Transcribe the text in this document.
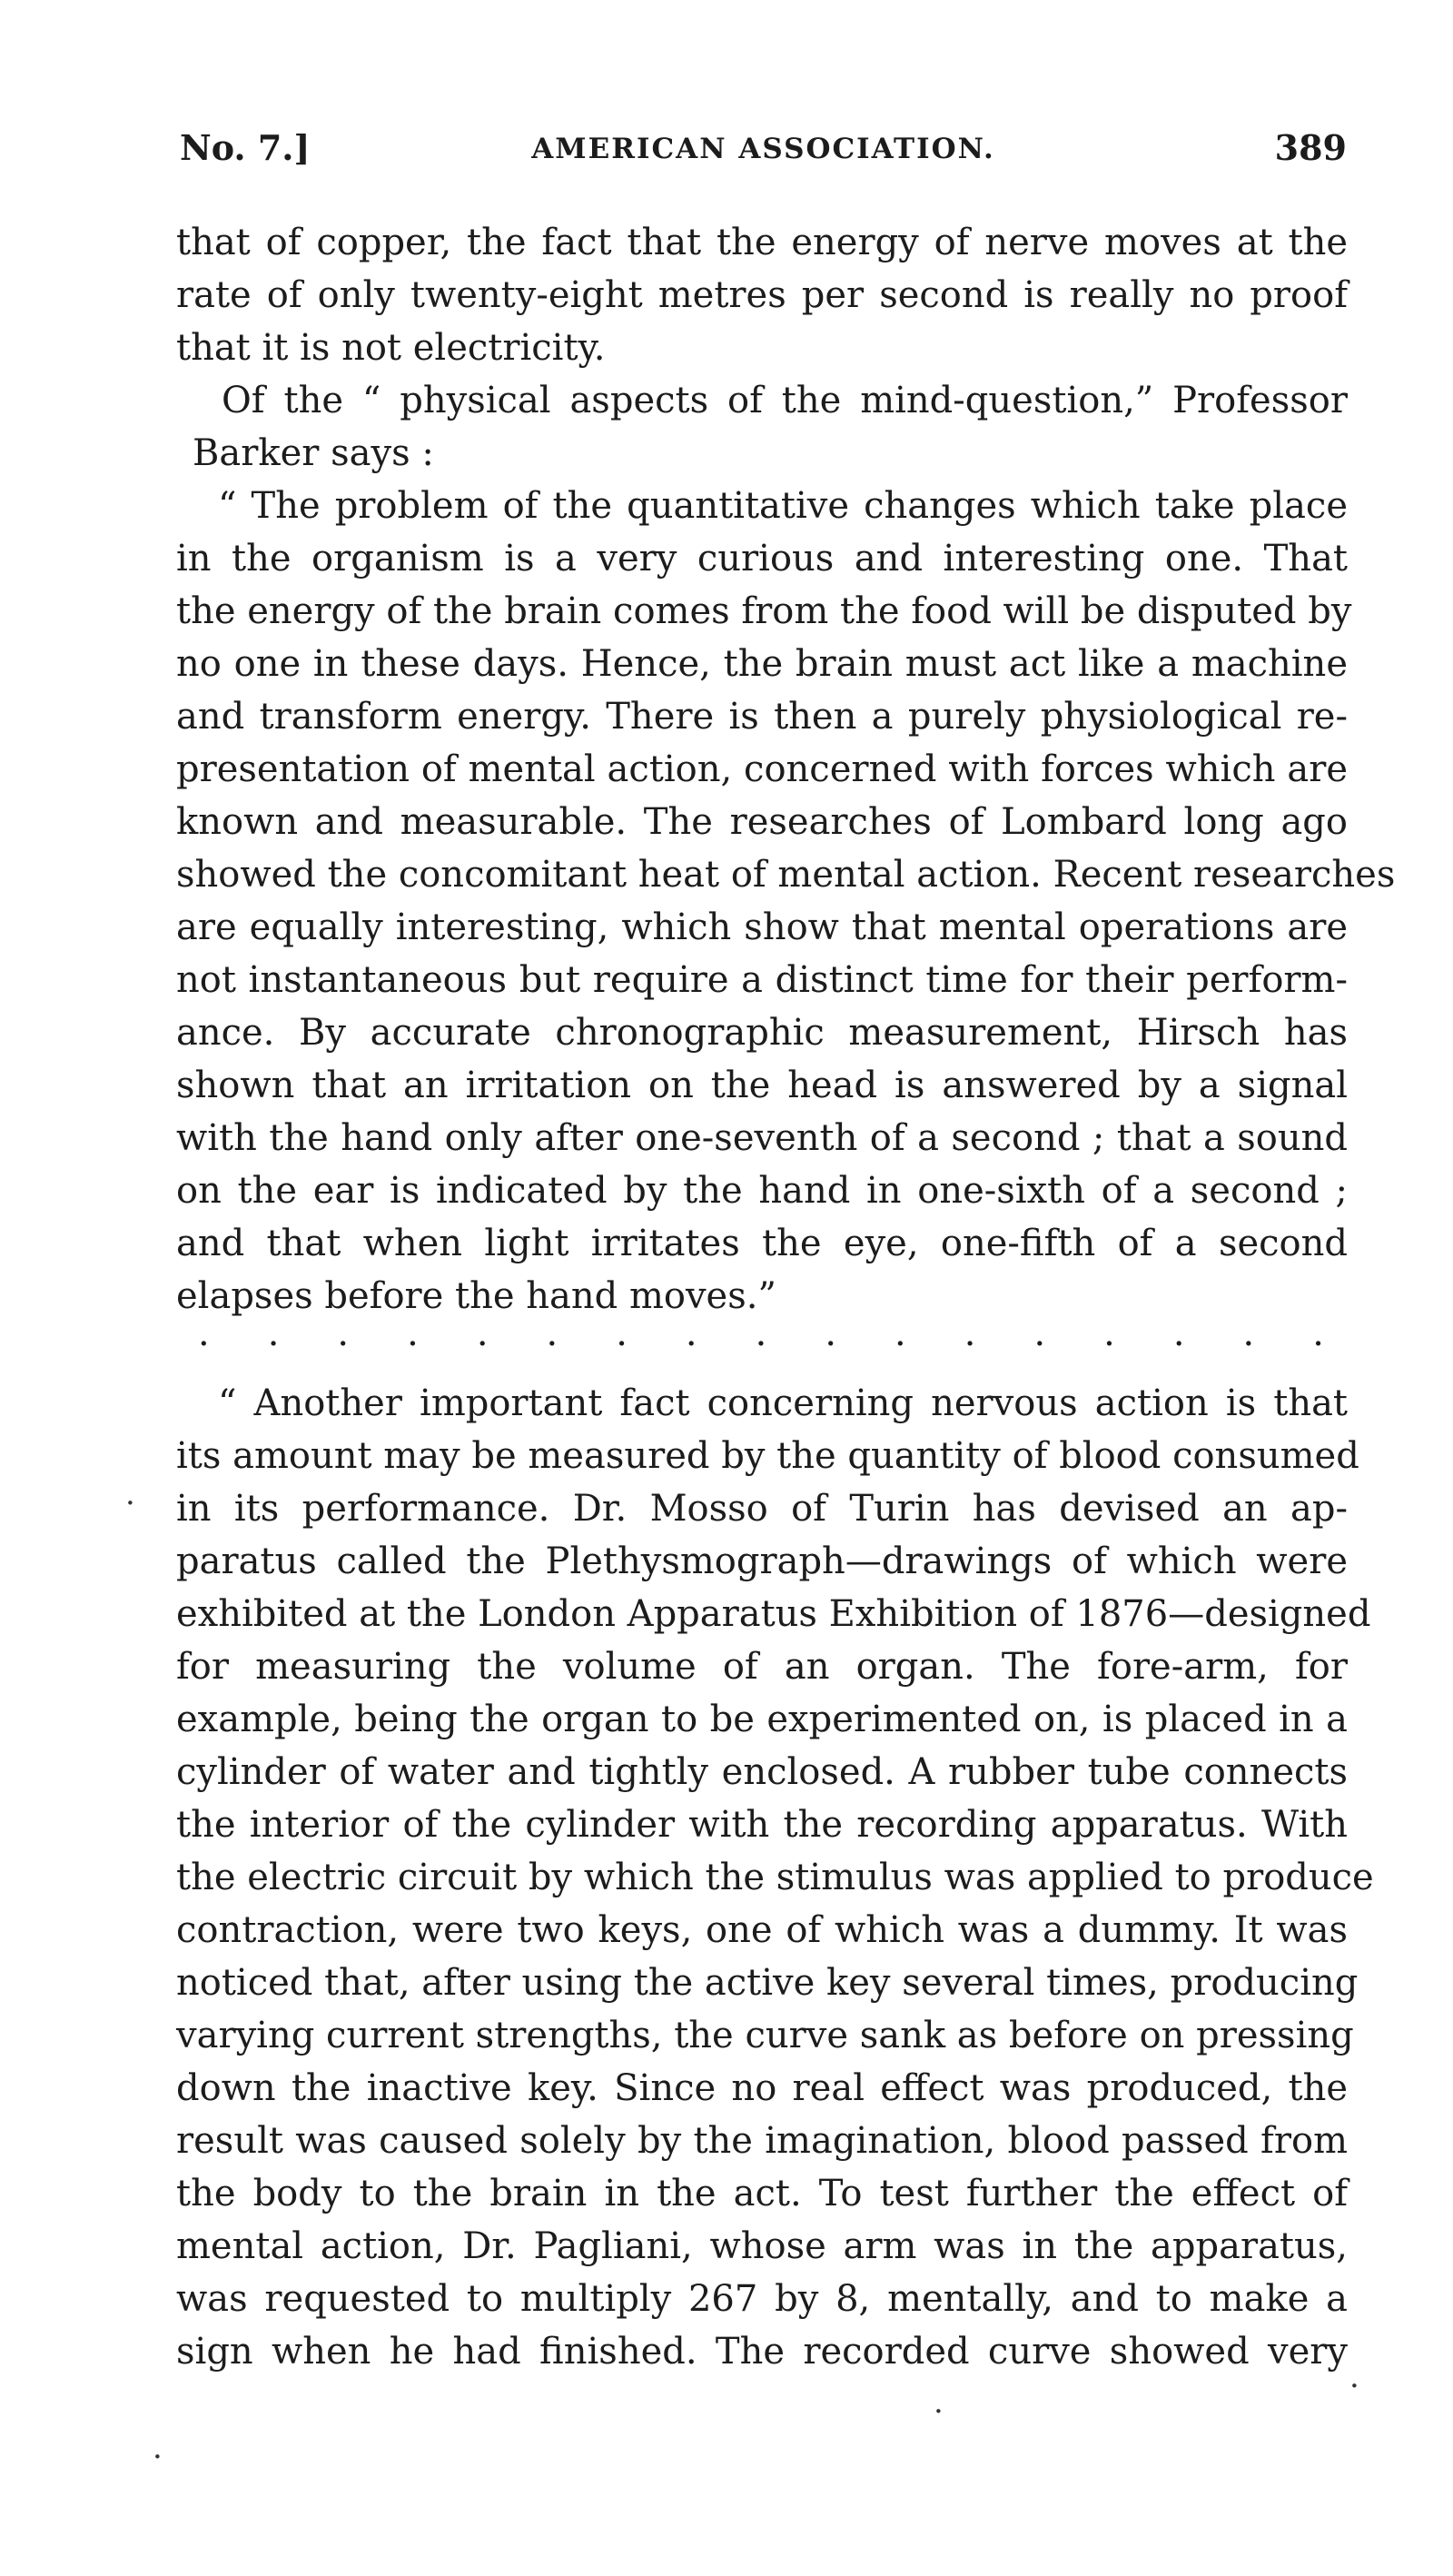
No. 7.]	AMERICAN ASSOCIATION.	389
that of copper, the fact that the energy of nerve moves at the
rate of only twenty-eight metres per second is really no proof
that it is not electricity.
Of the “ physical aspects of the mind-question,” Professor
Barker says :
“ The problem of the quantitative changes which take place
in the organism is a very curious and interesting one. That
the energy of the brain comes from the food will be disputed by
no one in these days. Hence, the brain must act like a machine
and transform energy. There is then a purely physiological re-
presentation of mental action, concerned with forces which are
known and measurable. The researches of Lombard long ago
showed the concomitant heat of mental action. Recent researches
are equally interesting, which show that mental operations are
not instantaneous but require a distinct time for their perform-
ance. By accurate chronographic measurement, Hirsch has
shown that an irritation on the head is answered by a signal
with the hand only after one-seventh of a second ; that a sound
on the ear is indicated by the hand in one-sixth of a second ;
and that when light irritates the eye, one-fifth of a second
elapses before the hand moves.”
· · · · · · · · · · · · · · · · ·
“ Another important fact concerning nervous action is that
its amount may be measured by the quantity of blood consumed
in its performance. Dr. Mosso of Turin has devised an ap-
paratus called the Plethysmograph—drawings of which were
exhibited at the London Apparatus Exhibition of 1876—designed
for measuring the volume of an organ. The fore-arm, for
example, being the organ to be experimented on, is placed in a
cylinder of water and tightly enclosed. A rubber tube connects
the interior of the cylinder with the recording apparatus. With
the electric circuit by which the stimulus was applied to produce
contraction, were two keys, one of which was a dummy. It was
noticed that, after using the active key several times, producing
varying current strengths, the curve sank as before on pressing
down the inactive key. Since no real effect was produced, the
result was caused solely by the imagination, blood passed from
the body to the brain in the act. To test further the effect of
mental action, Dr. Pagliani, whose arm was in the apparatus,
was requested to multiply 267 by 8, mentally, and to make a
sign when he had finished. The recorded curve showed very
·
·
·
·
